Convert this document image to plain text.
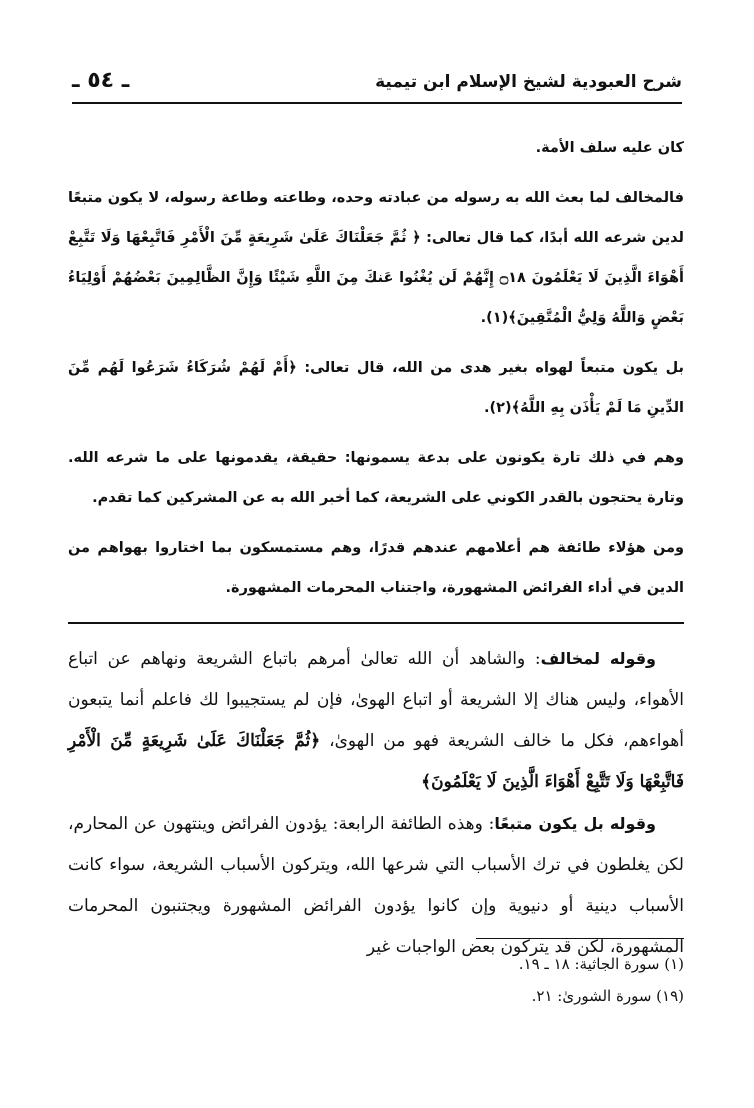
شرح العبودية لشيخ الإسلام ابن تيمية
ـ ٥٤ ـ

كان عليه سلف الأمة.

فالمخالف لما بعث الله به رسوله من عبادته وحده، وطاعته وطاعة رسوله، لا يكون متبعًا لدين شرعه الله أبدًا، كما قال تعالى: ﴿ ثُمَّ جَعَلْنَاكَ عَلَىٰ شَرِيعَةٍ مِّنَ الْأَمْرِ فَاتَّبِعْهَا وَلَا تَتَّبِعْ أَهْوَاءَ الَّذِينَ لَا يَعْلَمُونَ ۝١٨ إِنَّهُمْ لَن يُغْنُوا عَنكَ مِنَ اللَّهِ شَيْئًا وَإِنَّ الظَّالِمِينَ بَعْضُهُمْ أَوْلِيَاءُ بَعْضٍ وَاللَّهُ وَلِيُّ الْمُتَّقِينَ﴾(١).

بل يكون متبعاً لهواه بغير هدى من الله، قال تعالى: ﴿أَمْ لَهُمْ شُرَكَاءُ شَرَعُوا لَهُم مِّنَ الدِّينِ مَا لَمْ يَأْذَن بِهِ اللَّهُ﴾(٢).

وهم في ذلك تارة يكونون على بدعة يسمونها: حقيقة، يقدمونها على ما شرعه الله. وتارة يحتجون بالقدر الكوني على الشريعة، كما أخبر الله به عن المشركين كما تقدم.

ومن هؤلاء طائفة هم أعلامهم عندهم قدرًا، وهم مستمسكون بما اختاروا بهواهم من الدين في أداء الفرائض المشهورة، واجتناب المحرمات المشهورة.

وقوله لمخالف: والشاهد أن الله تعالىٰ أمرهم باتباع الشريعة ونهاهم عن اتباع الأهواء، وليس هناك إلا الشريعة أو اتباع الهوىٰ، فإن لم يستجيبوا لك فاعلم أنما يتبعون أهواءهم، فكل ما خالف الشريعة فهو من الهوىٰ، ﴿ثُمَّ جَعَلْنَاكَ عَلَىٰ شَرِيعَةٍ مِّنَ الْأَمْرِ فَاتَّبِعْهَا وَلَا تَتَّبِعْ أَهْوَاءَ الَّذِينَ لَا يَعْلَمُونَ﴾

وقوله بل يكون متبعًا: وهذه الطائفة الرابعة: يؤدون الفرائض وينتهون عن المحارم، لكن يغلطون في ترك الأسباب التي شرعها الله، ويتركون الأسباب الشريعة، سواء كانت الأسباب دينية أو دنيوية وإن كانوا يؤدون الفرائض المشهورة ويجتنبون المحرمات المشهورة، لكن قد يتركون بعض الواجبات غير

(١) سورة الجاثية: ١٨ ـ ١٩.
(١٩) سورة الشورىٰ: ٢١.
